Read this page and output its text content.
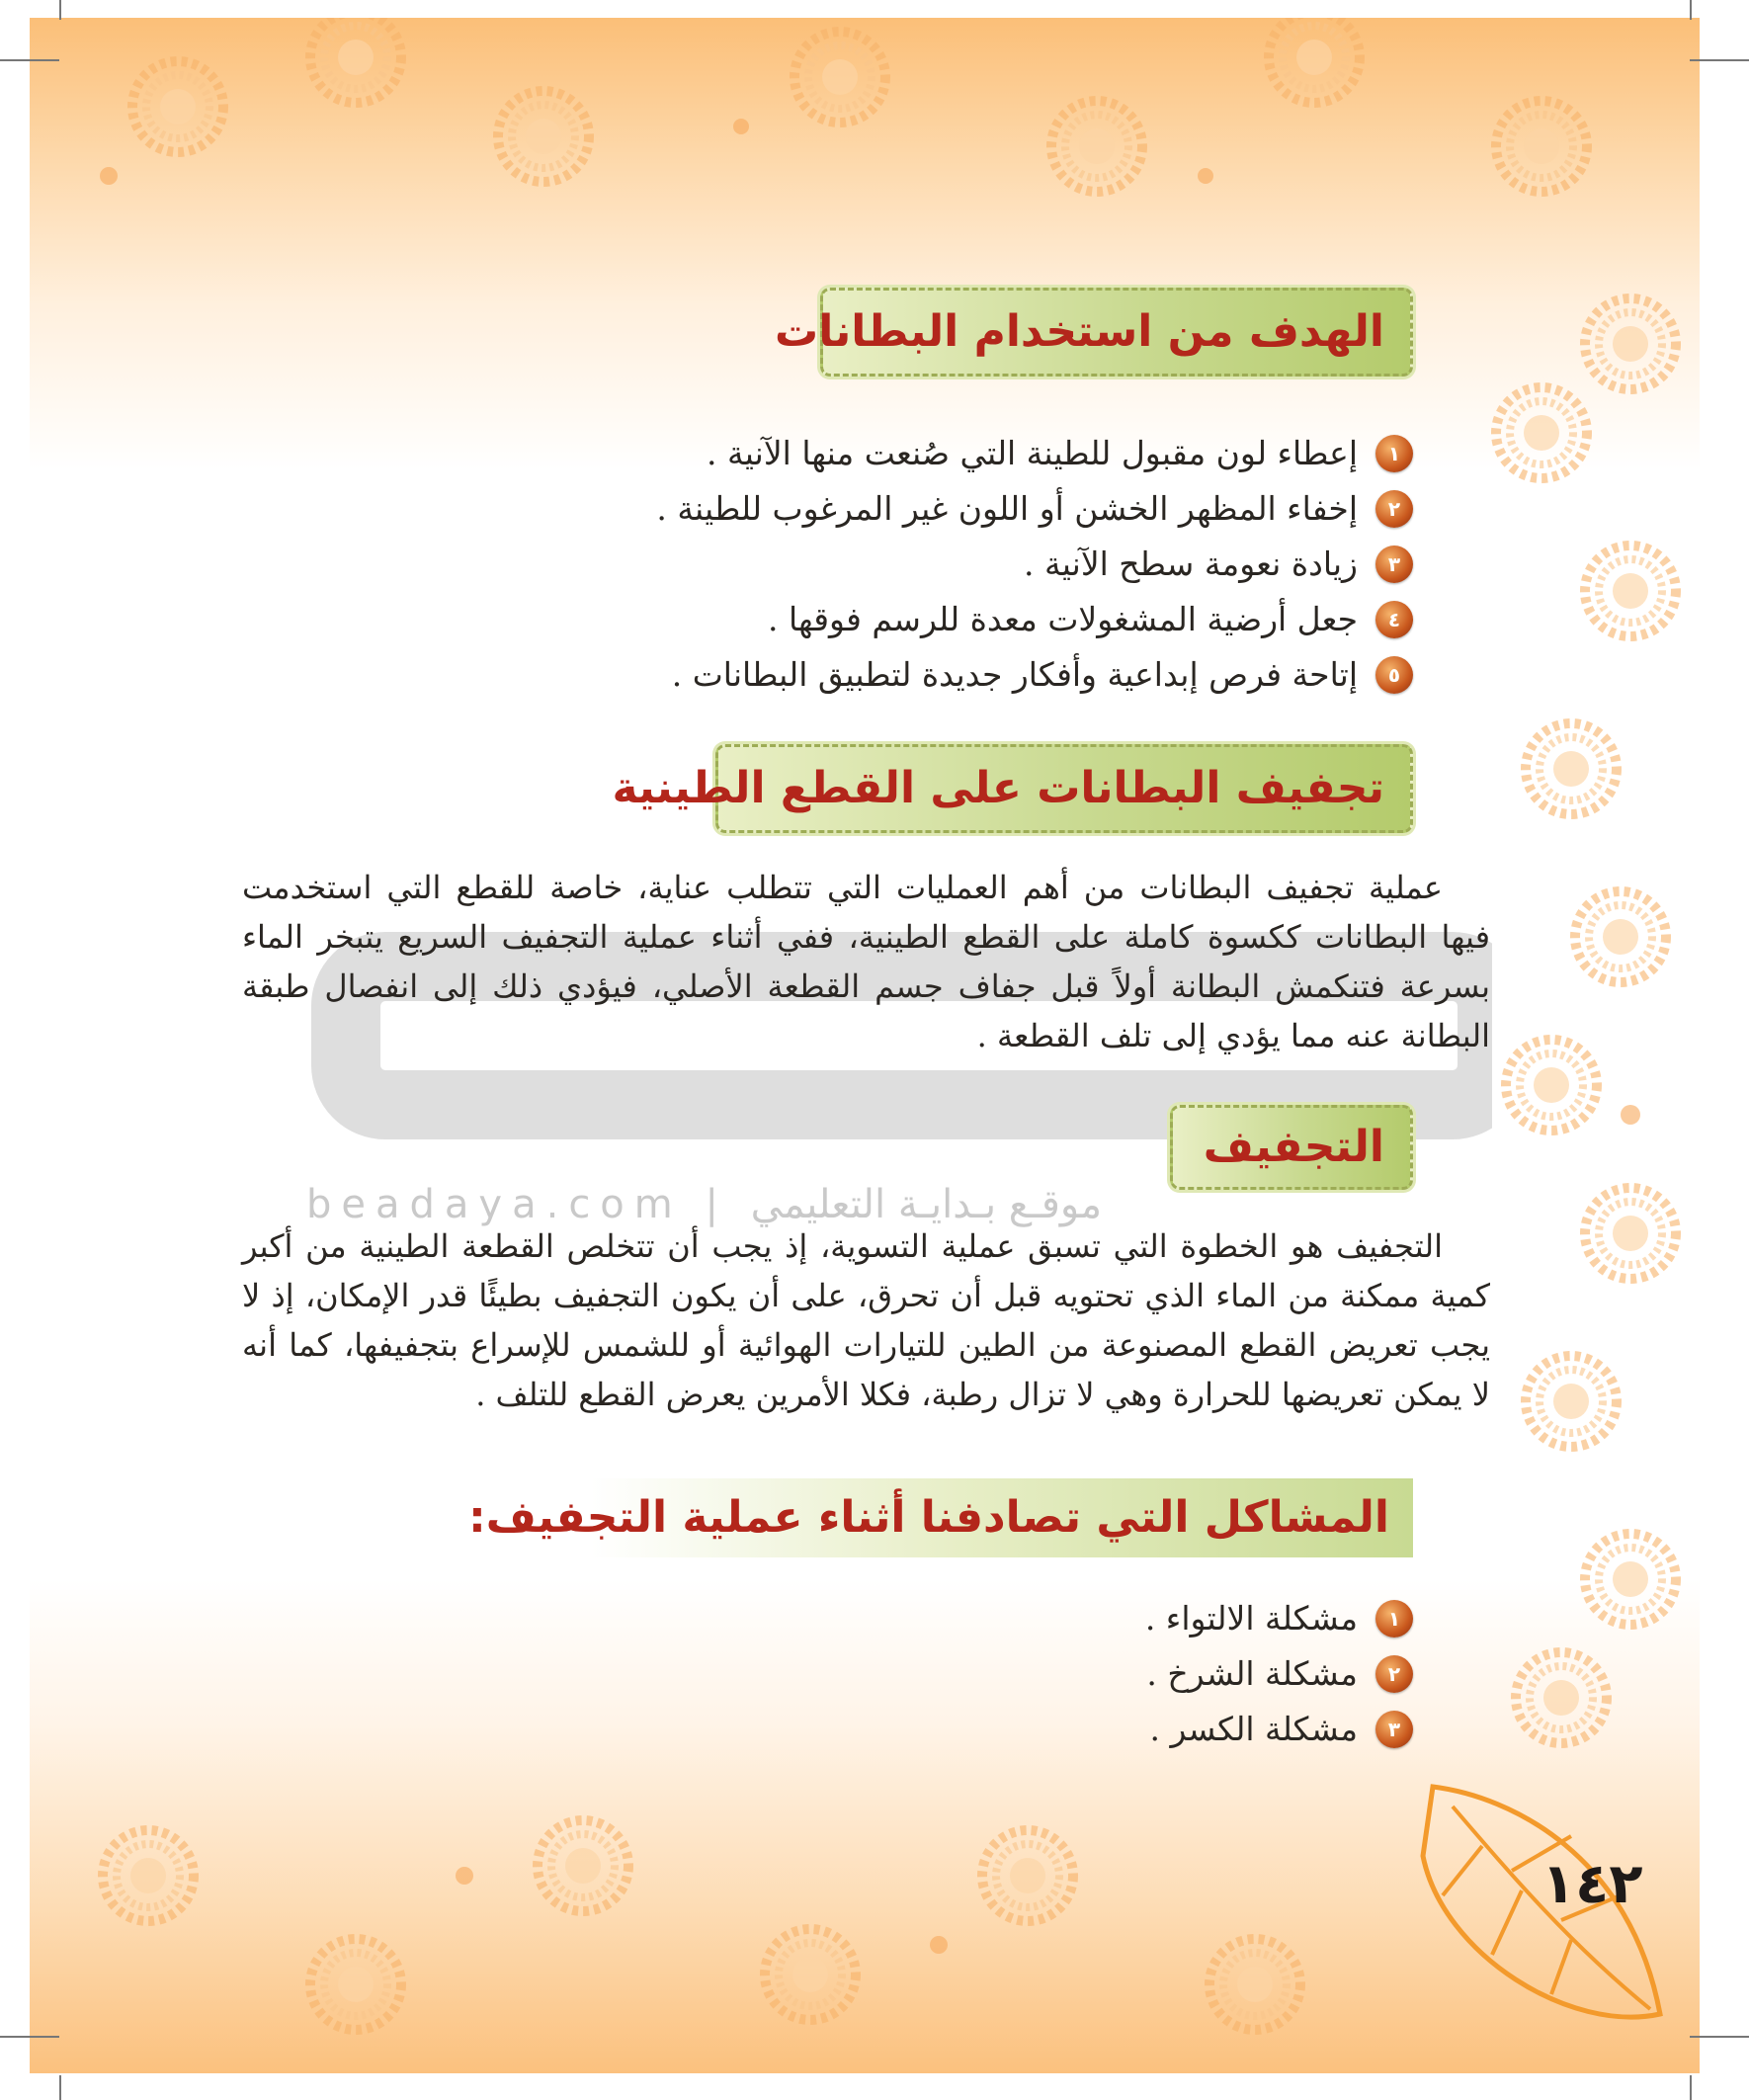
beadaya.com | موقـع بـدايـة التعليمي
الهدف من استخدام البطانات
١
إعطاء لون مقبول للطينة التي صُنعت منها الآنية .
٢
إخفاء المظهر الخشن أو اللون غير المرغوب للطينة .
٣
زيادة نعومة سطح الآنية .
٤
جعل أرضية المشغولات معدة للرسم فوقها .
٥
إتاحة فرص إبداعية وأفكار جديدة لتطبيق البطانات .
تجفيف البطانات على القطع الطينية

عملية تجفيف البطانات من أهم العمليات التي تتطلب عناية، خاصة للقطع التي استخدمت فيها البطانات ككسوة كاملة على القطع الطينية، ففي أثناء عملية التجفيف السريع يتبخر الماء بسرعة فتنكمش البطانة أولاً قبل جفاف جسم القطعة الأصلي، فيؤدي ذلك إلى انفصال طبقة البطانة عنه مما يؤدي إلى تلف القطعة .

التجفيف

التجفيف هو الخطوة التي تسبق عملية التسوية، إذ يجب أن تتخلص القطعة الطينية من أكبر كمية ممكنة من الماء الذي تحتويه قبل أن تحرق، على أن يكون التجفيف بطيئًا قدر الإمكان، إذ لا يجب تعريض القطع المصنوعة من الطين للتيارات الهوائية أو للشمس للإسراع بتجفيفها، كما أنه لا يمكن تعريضها للحرارة وهي لا تزال رطبة، فكلا الأمرين يعرض القطع للتلف .

المشاكل التي تصادفنا أثناء عملية التجفيف:
١
مشكلة الالتواء .
٢
مشكلة الشرخ .
٣
مشكلة الكسر .
١٤٢
